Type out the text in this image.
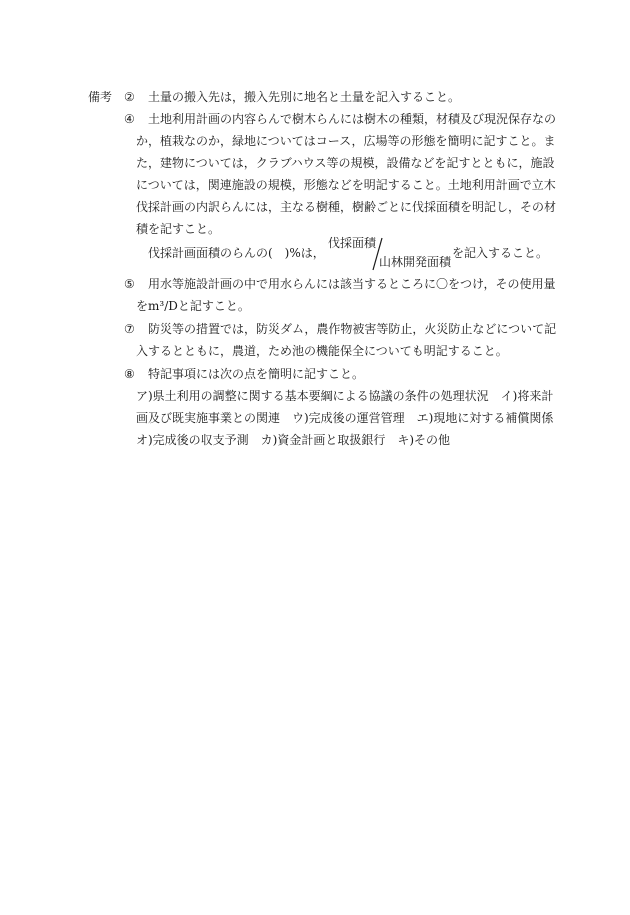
備考 ② 土量の搬入先は，搬入先別に地名と土量を記入すること。
④ 土地利用計画の内容らんで樹木らんには樹木の種類，材積及び現況保存なの
か，植栽なのか，緑地についてはコース，広場等の形態を簡明に記すこと。ま
た，建物については，クラブハウス等の規模，設備などを記すとともに，施設
については，関連施設の規模，形態などを明記すること。土地利用計画で立木
伐採計画の内訳らんには，主なる樹種，樹齢ごとに伐採面積を明記し，その材
積を記すこと。
伐採計画面積のらんの(　)%は，
伐採面積
山林開発面積
を記入すること。
⑤ 用水等施設計画の中で用水らんには該当するところに〇をつけ，その使用量
をm³/Dと記すこと。
⑦ 防災等の措置では，防災ダム，農作物被害等防止，火災防止などについて記
入するとともに，農道，ため池の機能保全についても明記すること。
⑧ 特記事項には次の点を簡明に記すこと。
ア)県土利用の調整に関する基本要綱による協議の条件の処理状況　イ)将来計
画及び既実施事業との関連　ウ)完成後の運営管理　エ)現地に対する補償関係
オ)完成後の収支予測　カ)資金計画と取扱銀行　キ)その他
